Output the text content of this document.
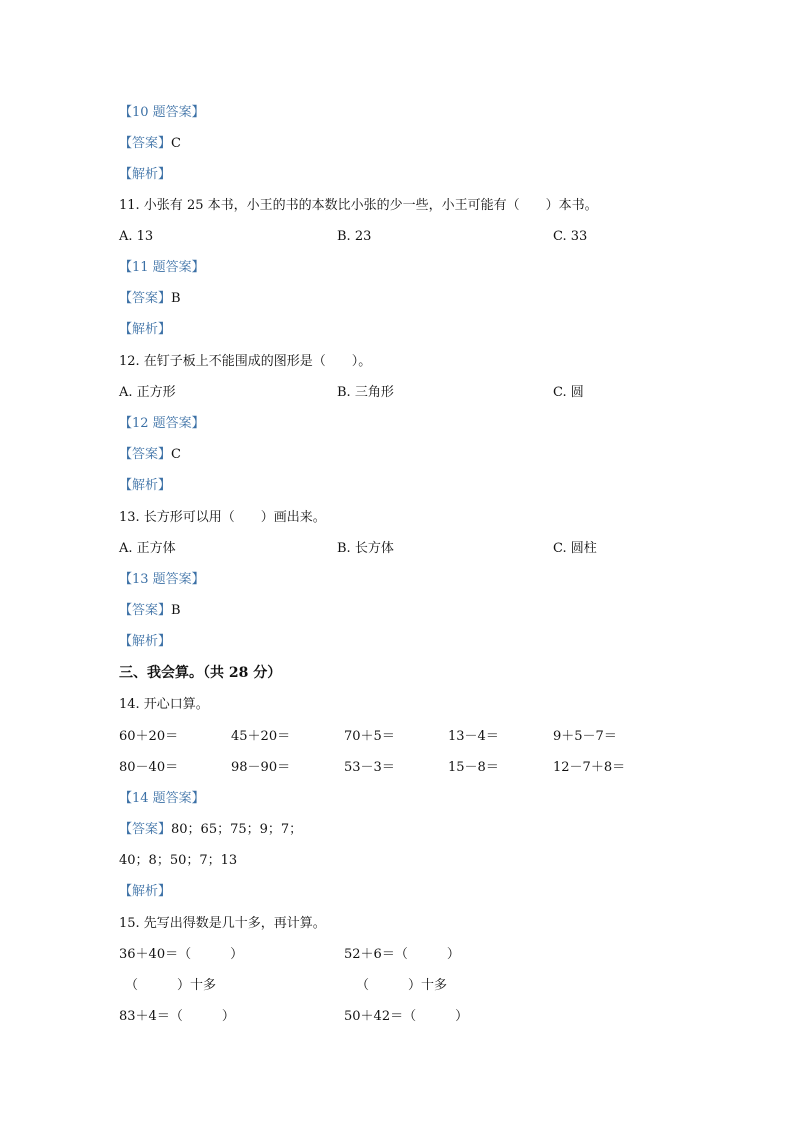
【10 题答案】
【答案】C
【解析】
11. 小张有 25 本书，小王的书的本数比小张的少一些，小王可能有（　　）本书。
A. 13	B. 23	C. 33
【11 题答案】
【答案】B
【解析】
12. 在钉子板上不能围成的图形是（　　）。
A. 正方形	B. 三角形	C. 圆
【12 题答案】
【答案】C
【解析】
13. 长方形可以用（　　）画出来。
A. 正方体	B. 长方体	C. 圆柱
【13 题答案】
【答案】B
【解析】
三、我会算。（共 28 分）
14. 开心口算。
60＋20＝	45＋20＝	70＋5＝	13－4＝	9＋5－7＝
80－40＝	98－90＝	53－3＝	15－8＝	12－7＋8＝
【14 题答案】
【答案】80；65；75；9；7；
40；8；50；7；13
【解析】
15. 先写出得数是几十多，再计算。
36＋40＝（　　　）	52＋6＝（　　　）
（　　　）十多	（　　　）十多
83＋4＝（　　　）	50＋42＝（　　　）
